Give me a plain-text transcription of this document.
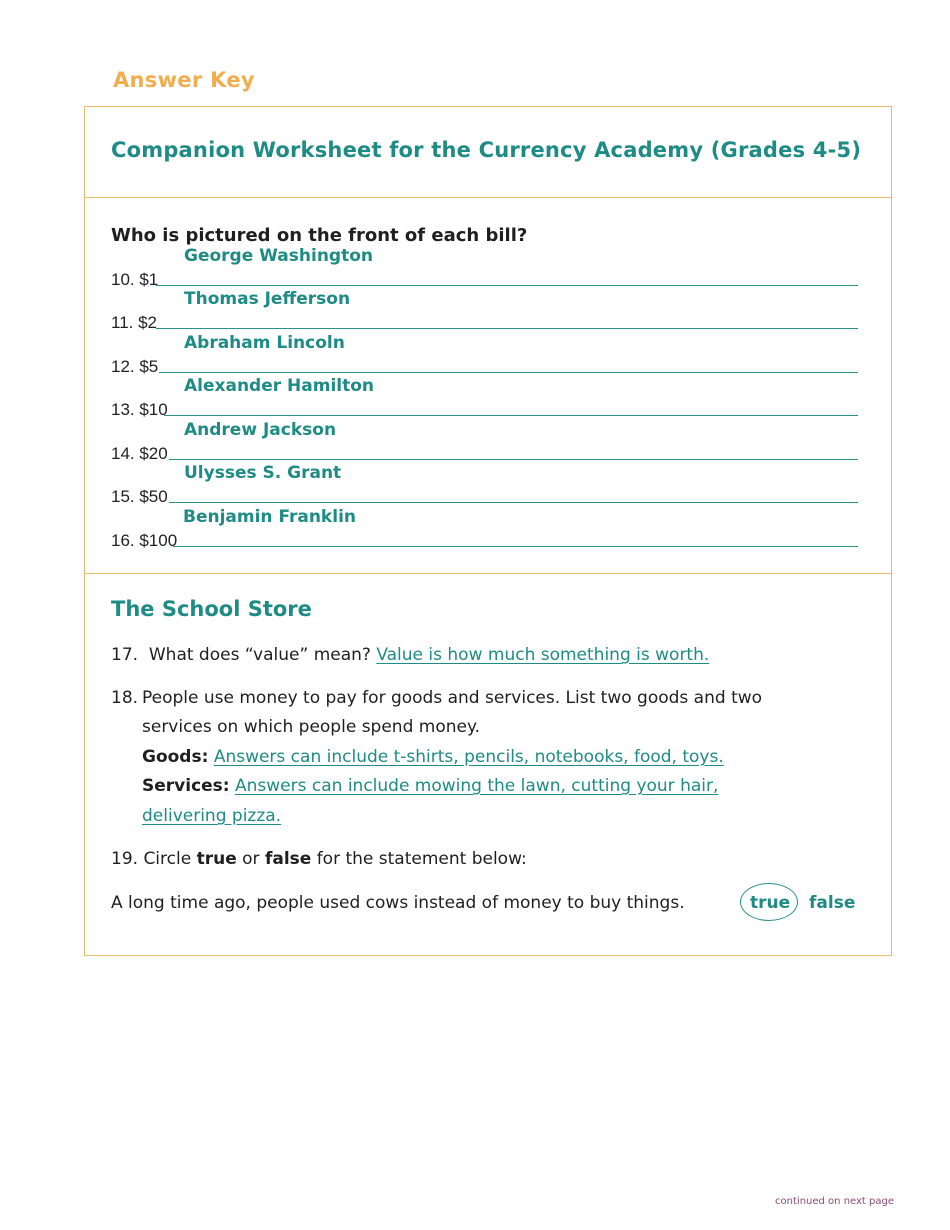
Answer Key
Companion Worksheet for the Currency Academy (Grades 4-5)
Who is pictured on the front of each bill?
10. $1
George Washington
11. $2
Thomas Jefferson
12. $5
Abraham Lincoln
13. $10
Alexander Hamilton
14. $20
Andrew Jackson
15. $50
Ulysses S. Grant
16. $100
Benjamin Franklin
The School Store
17. What does “value” mean? Value is how much something is worth.
18. People use money to pay for goods and services. List two goods and two
services on which people spend money.
Goods: Answers can include t-shirts, pencils, notebooks, food, toys.
Services: Answers can include mowing the lawn, cutting your hair,
delivering pizza.
19. Circle true or false for the statement below:
A long time ago, people used cows instead of money to buy things.	true false
continued on next page
